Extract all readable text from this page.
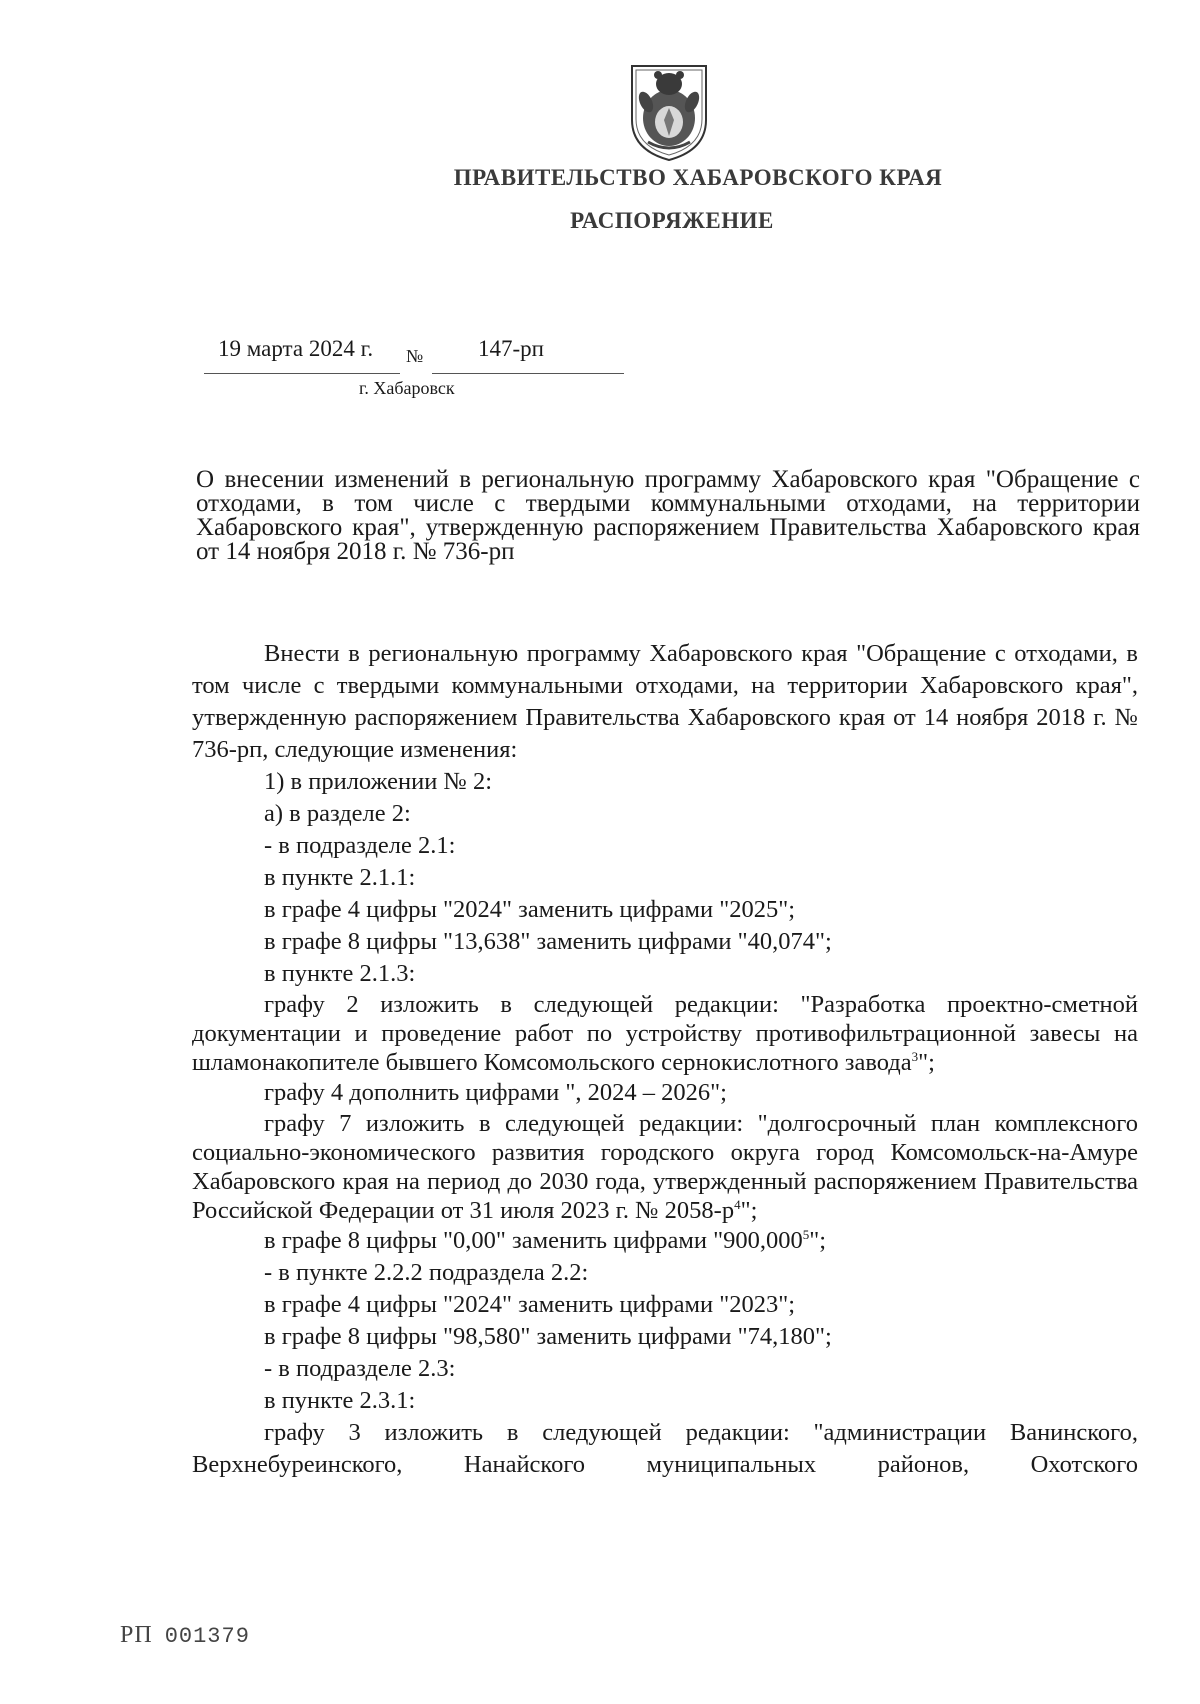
ПРАВИТЕЛЬСТВО ХАБАРОВСКОГО КРАЯ
РАСПОРЯЖЕНИЕ
19 марта 2024 г. № 147-рп
г. Хабаровск
О внесении изменений в региональную программу Хабаровского края "Обращение с отходами, в том числе с твердыми коммунальными отходами, на территории Хабаровского края", утвержденную распоряжением Правительства Хабаровского края от 14 ноября 2018 г. № 736-рп
Внести в региональную программу Хабаровского края "Обращение с отходами, в том числе с твердыми коммунальными отходами, на территории Хабаровского края", утвержденную распоряжением Правительства Хабаровского края от 14 ноября 2018 г. № 736-рп, следующие изменения:
1) в приложении № 2:
а) в разделе 2:
- в подразделе 2.1:
в пункте 2.1.1:
в графе 4 цифры "2024" заменить цифрами "2025";
в графе 8 цифры "13,638" заменить цифрами "40,074";
в пункте 2.1.3:
графу 2 изложить в следующей редакции: "Разработка проектно-сметной документации и проведение работ по устройству противофильтрационной завесы на шламонакопителе бывшего Комсомольского сернокислотного завода$^3$";
графу 4 дополнить цифрами ", 2024 – 2026";
графу 7 изложить в следующей редакции: "долгосрочный план комплексного социально-экономического развития городского округа город Комсомольск-на-Амуре Хабаровского края на период до 2030 года, утвержденный распоряжением Правительства Российской Федерации от 31 июля 2023 г. № $2058-р^4$";
в графе 8 цифры "0,00" заменить цифрами "900,000$^5$";
- в пункте 2.2.2 подраздела 2.2:
в графе 4 цифры "2024" заменить цифрами "2023";
в графе 8 цифры "98,580" заменить цифрами "74,180";
- в подразделе 2.3:
в пункте 2.3.1:
графу 3 изложить в следующей редакции: "администрации Ванинского, Верхнебуреинского, Нанайского муниципальных районов, Охотского
РП 001379
